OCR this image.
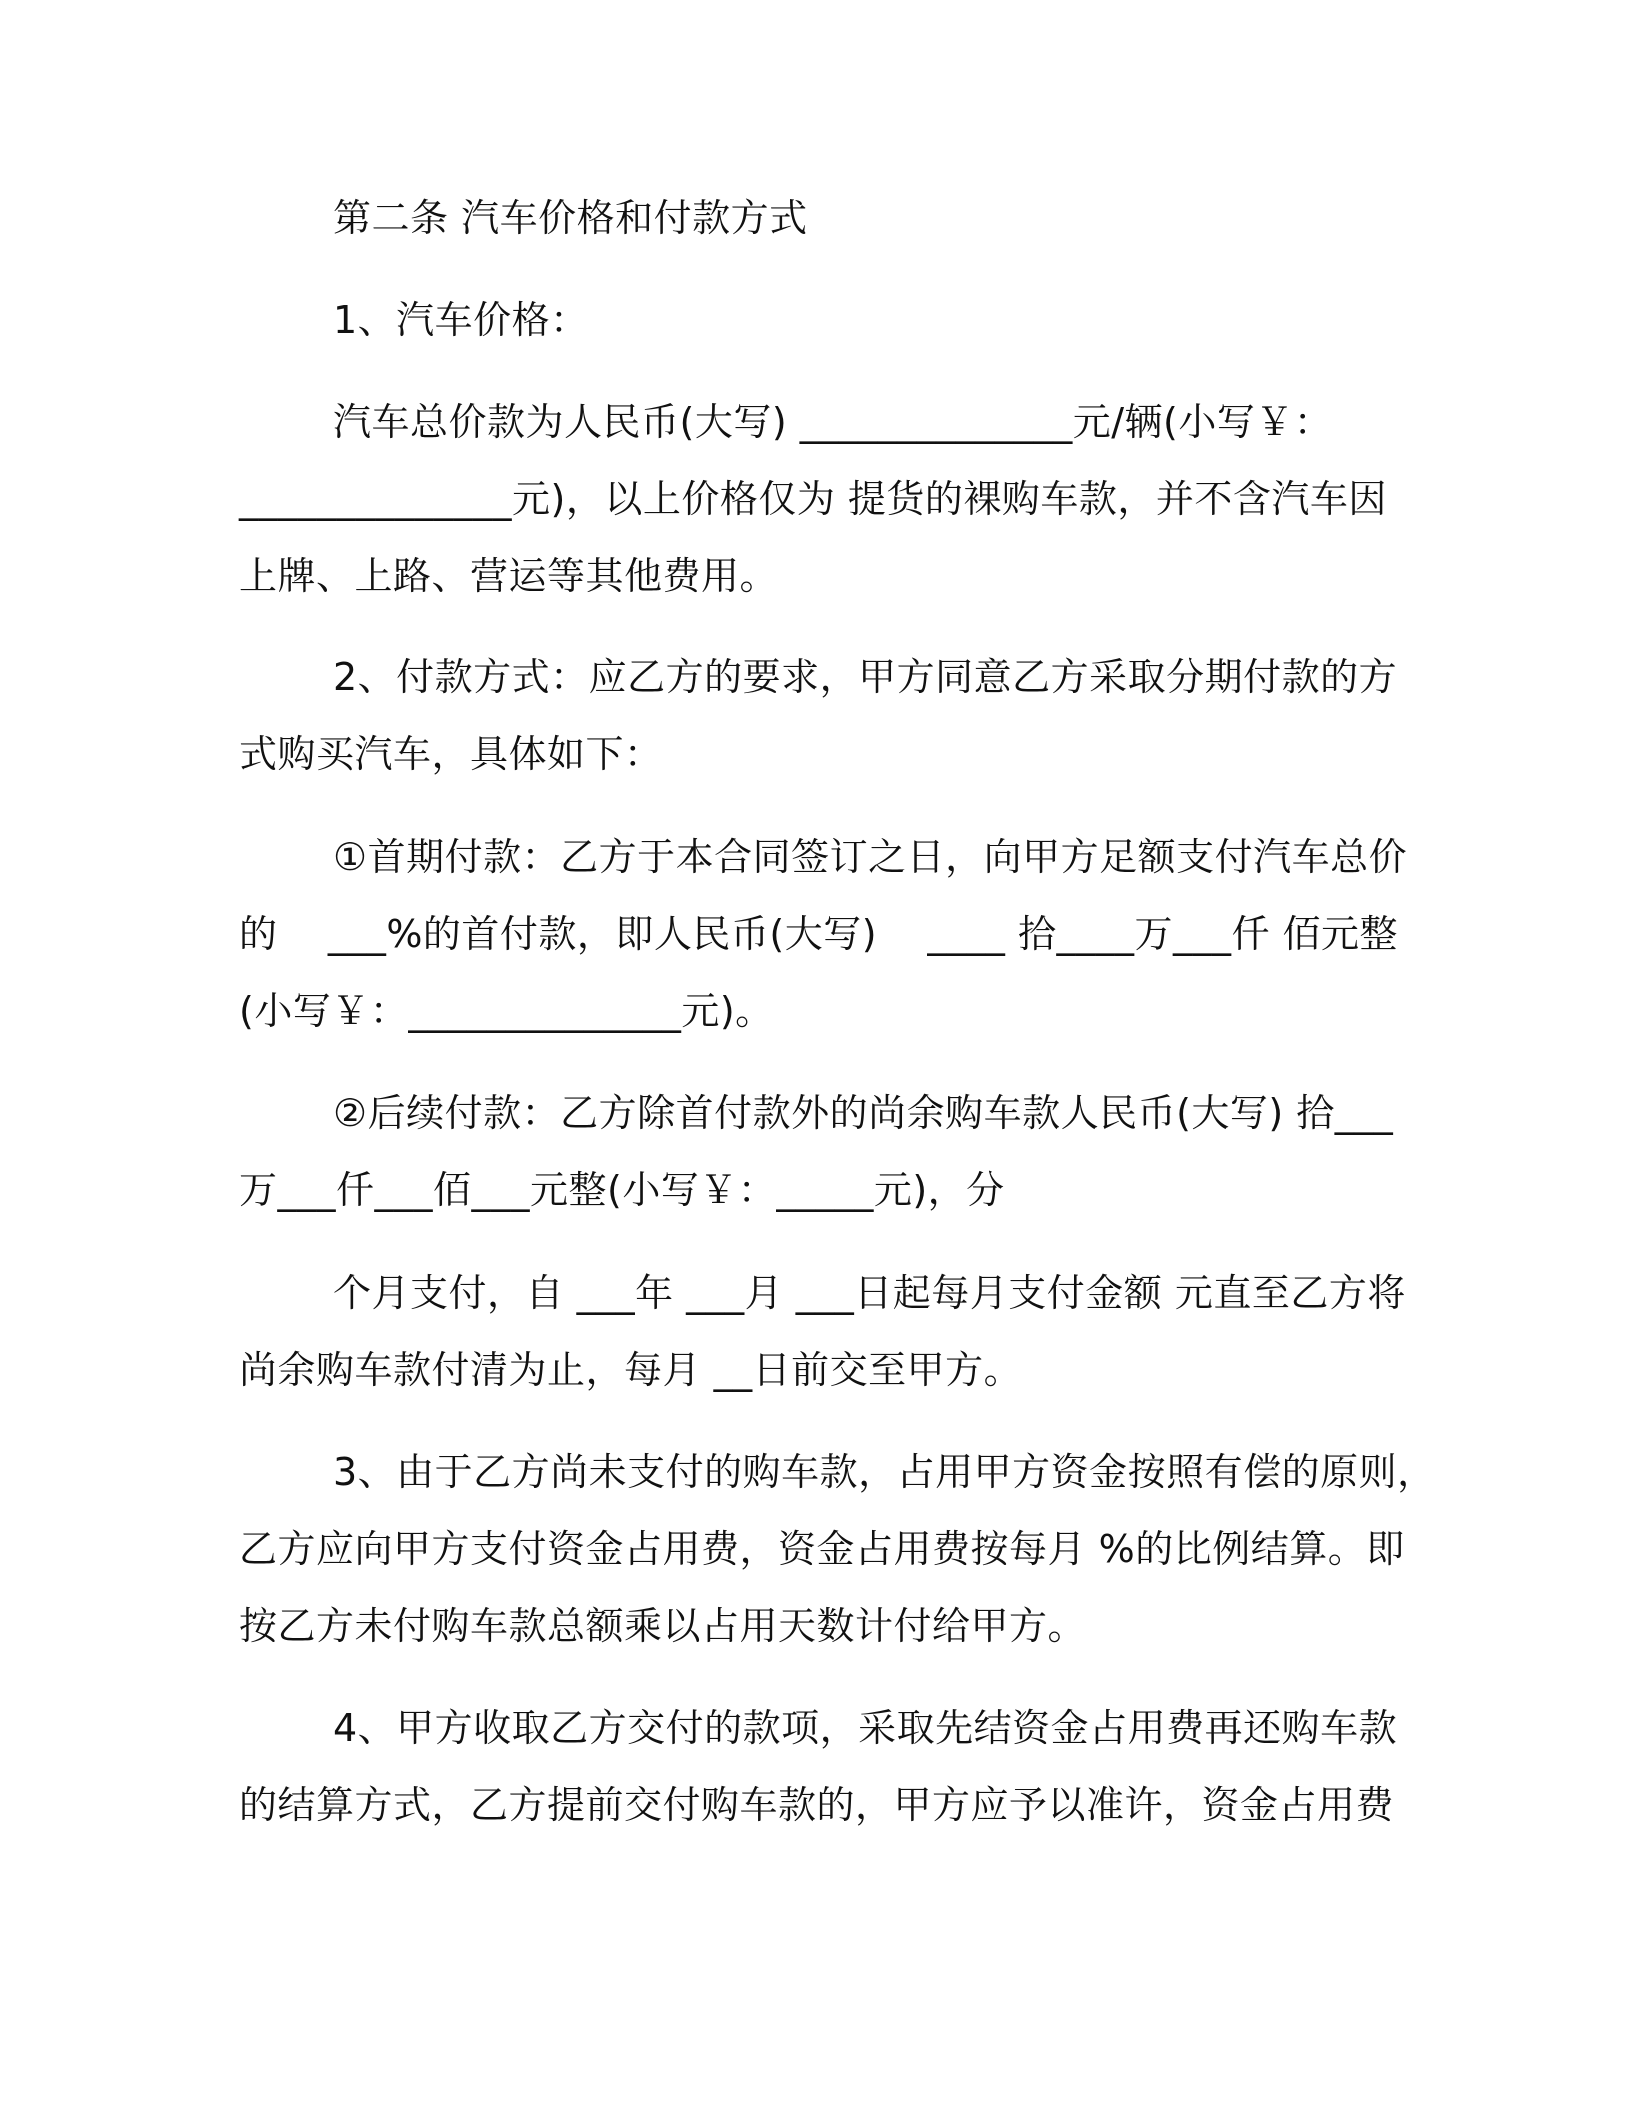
第二条 汽车价格和付款方式
1、汽车价格：
汽车总价款为人民币(大写) ______________元/辆(小写￥：
______________元)，以上价格仅为 提货的裸购车款，并不含汽车因
上牌、上路、营运等其他费用。
2、付款方式：应乙方的要求，甲方同意乙方采取分期付款的方
式购买汽车，具体如下：
①首期付款：乙方于本合同签订之日，向甲方足额支付汽车总价
的    ___%的首付款，即人民币(大写)    ____ 拾____万___仟 佰元整
(小写￥：______________元)。
②后续付款：乙方除首付款外的尚余购车款人民币(大写) 拾___
万___仟___佰___元整(小写￥：_____元)，分
个月支付，自 ___年 ___月 ___日起每月支付金额 元直至乙方将
尚余购车款付清为止，每月 __日前交至甲方。
3、由于乙方尚未支付的购车款，占用甲方资金按照有偿的原则，
乙方应向甲方支付资金占用费，资金占用费按每月 %的比例结算。即
按乙方未付购车款总额乘以占用天数计付给甲方。
4、甲方收取乙方交付的款项，采取先结资金占用费再还购车款
的结算方式，乙方提前交付购车款的，甲方应予以准许，资金占用费
